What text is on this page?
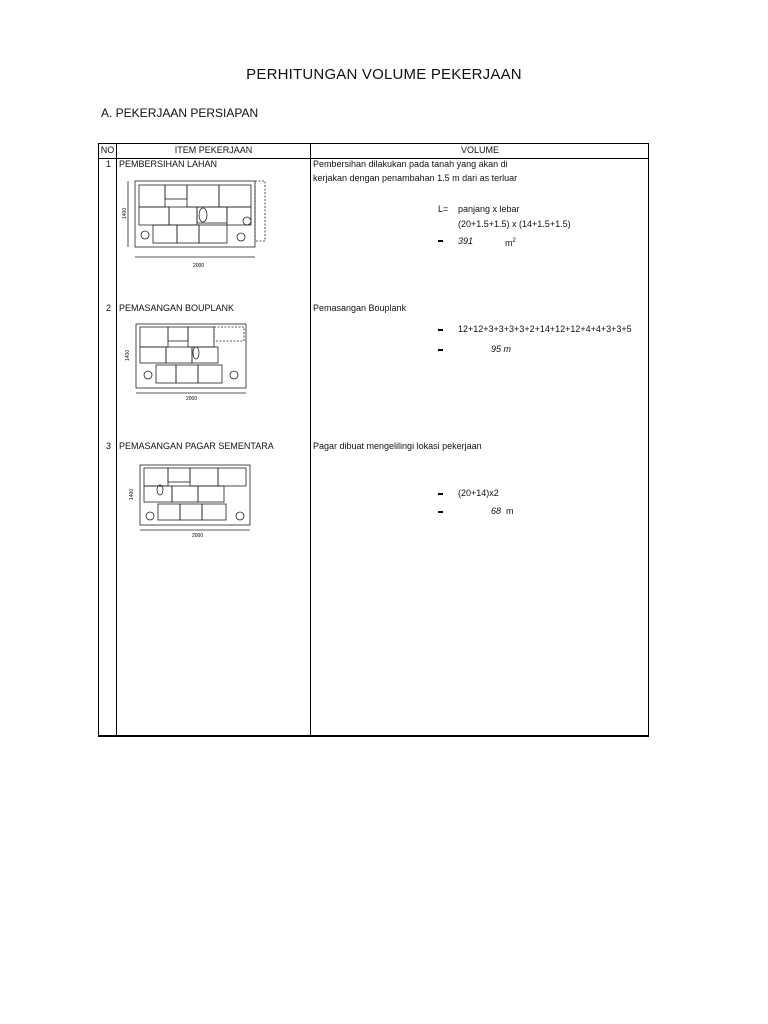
PERHITUNGAN VOLUME PEKERJAAN
A. PEKERJAAN PERSIAPAN
NO	ITEM PEKERJAAN	VOLUME
1 PEMBERSIHAN LAHAN	Pembersihan dilakukan pada tanah yang akan di
kerjakan dengan penambahan 1.5 m dari as terluar
L= panjang x lebar
(20+1.5+1.5) x (14+1.5+1.5)
391	$m^2$
2 PEMASANGAN BOUPLANK	Pemasangan Bouplank
12+12+3+3+3+3+2+14+12+12+4+4+3+3+5
95 m
3 PEMASANGAN PAGAR SEMENTARA	Pagar dibuat mengelilingi lokasi pekerjaan
(20+14)x2
68 m
2000
1400
2000
1400
2000
1400
